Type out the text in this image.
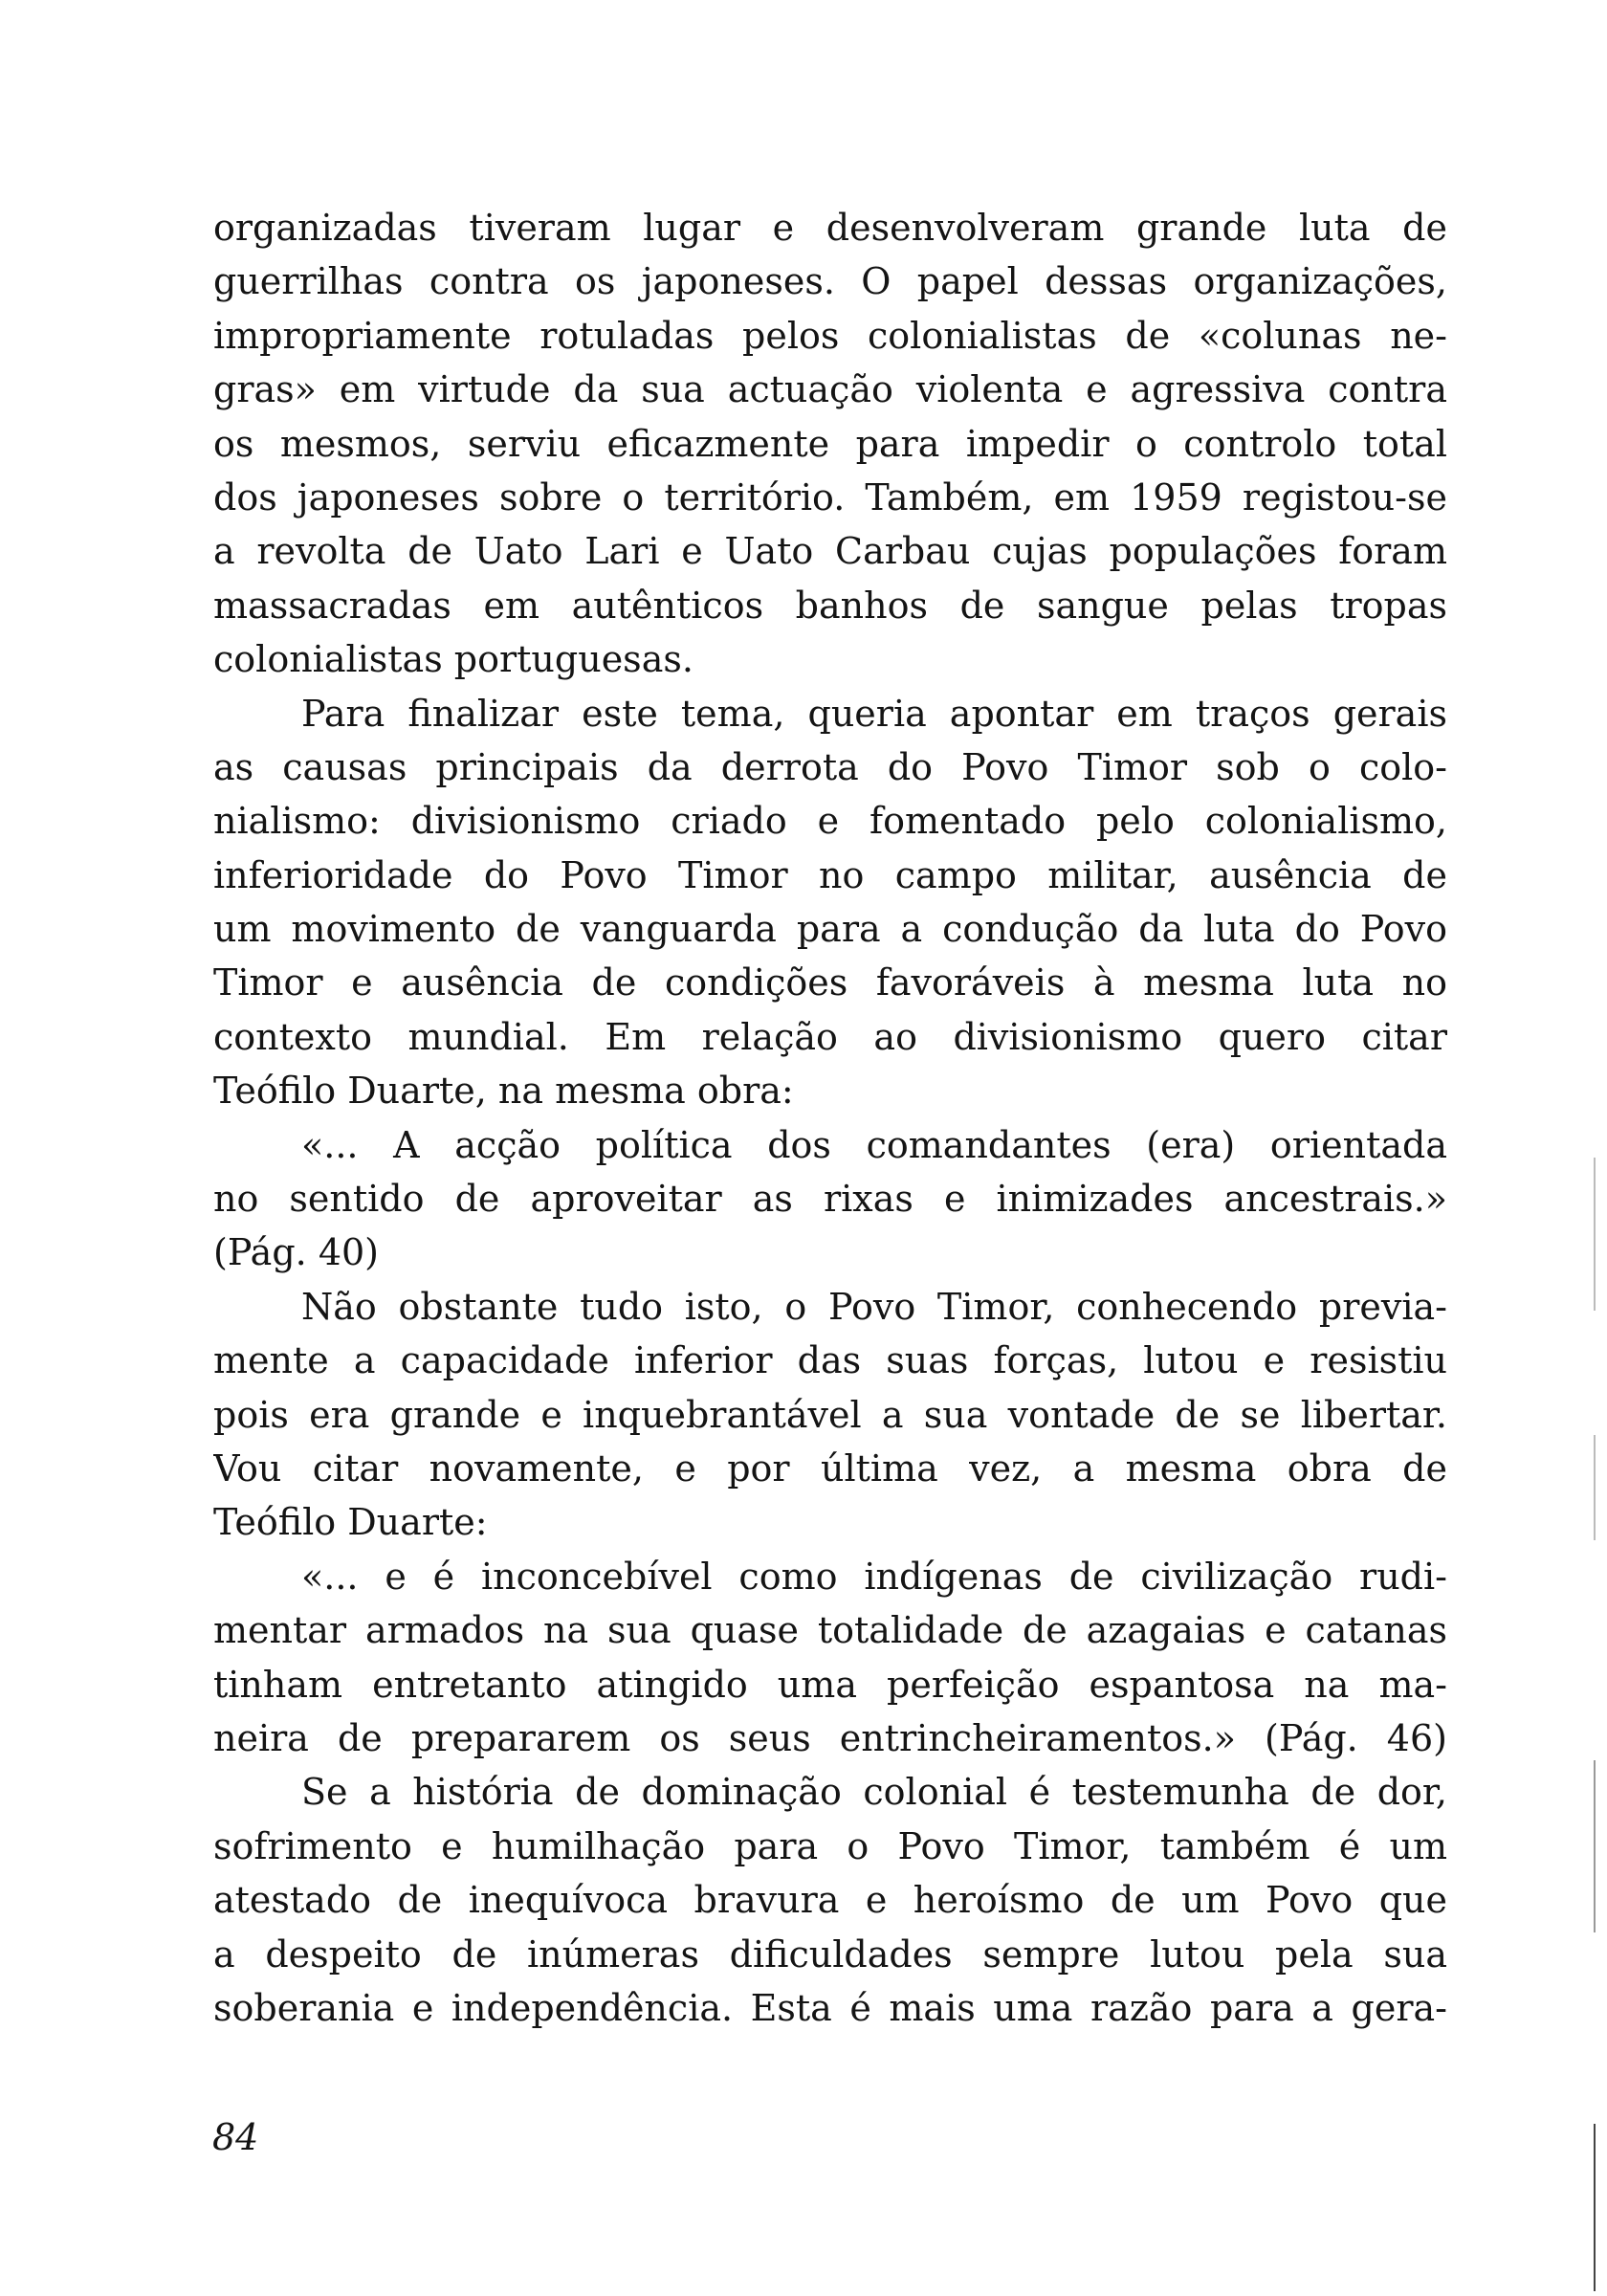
organizadas tiveram lugar e desenvolveram grande luta de
guerrilhas contra os japoneses. O papel dessas organizações,
impropriamente rotuladas pelos colonialistas de «colunas ne-
gras» em virtude da sua actuação violenta e agressiva contra
os mesmos, serviu eficazmente para impedir o controlo total
dos japoneses sobre o território. Também, em 1959 registou-se
a revolta de Uato Lari e Uato Carbau cujas populações foram
massacradas em autênticos banhos de sangue pelas tropas
colonialistas portuguesas.
Para finalizar este tema, queria apontar em traços gerais
as causas principais da derrota do Povo Timor sob o colo-
nialismo: divisionismo criado e fomentado pelo colonialismo,
inferioridade do Povo Timor no campo militar, ausência de
um movimento de vanguarda para a condução da luta do Povo
Timor e ausência de condições favoráveis à mesma luta no
contexto mundial. Em relação ao divisionismo quero citar
Teófilo Duarte, na mesma obra:
«... A acção política dos comandantes (era) orientada
no sentido de aproveitar as rixas e inimizades ancestrais.»
(Pág. 40)
Não obstante tudo isto, o Povo Timor, conhecendo previa-
mente a capacidade inferior das suas forças, lutou e resistiu
pois era grande e inquebrantável a sua vontade de se libertar.
Vou citar novamente, e por última vez, a mesma obra de
Teófilo Duarte:
«... e é inconcebível como indígenas de civilização rudi-
mentar armados na sua quase totalidade de azagaias e catanas
tinham entretanto atingido uma perfeição espantosa na ma-
neira de prepararem os seus entrincheiramentos.» (Pág. 46)
Se a história de dominação colonial é testemunha de dor,
sofrimento e humilhação para o Povo Timor, também é um
atestado de inequívoca bravura e heroísmo de um Povo que
a despeito de inúmeras dificuldades sempre lutou pela sua
soberania e independência. Esta é mais uma razão para a gera-
84
